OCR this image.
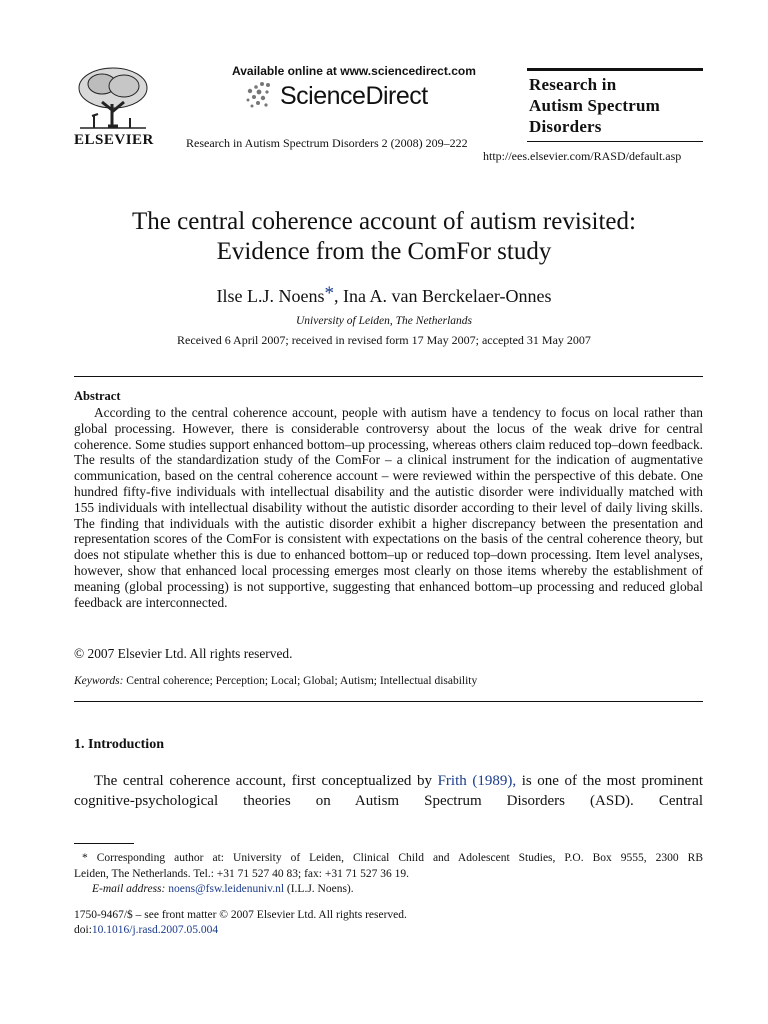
ELSEVIER
Available online at www.sciencedirect.com
ScienceDirect
Research in Autism Spectrum Disorders 2 (2008) 209–222
Research in
Autism Spectrum
Disorders
http://ees.elsevier.com/RASD/default.asp
The central coherence account of autism revisited:
Evidence from the ComFor study
Ilse L.J. Noens*, Ina A. van Berckelaer-Onnes
University of Leiden, The Netherlands
Received 6 April 2007; received in revised form 17 May 2007; accepted 31 May 2007
Abstract

According to the central coherence account, people with autism have a tendency to focus on local rather than global processing. However, there is considerable controversy about the locus of the weak drive for central coherence. Some studies support enhanced bottom–up processing, whereas others claim reduced top–down feedback. The results of the standardization study of the ComFor – a clinical instrument for the indication of augmentative communication, based on the central coherence account – were reviewed within the perspective of this debate. One hundred fifty-five individuals with intellectual disability and the autistic disorder were individually matched with 155 individuals with intellectual disability without the autistic disorder according to their level of daily living skills. The finding that individuals with the autistic disorder exhibit a higher discrepancy between the presentation and representation scores of the ComFor is consistent with expectations on the basis of the central coherence theory, but does not stipulate whether this is due to enhanced bottom–up or reduced top–down processing. Item level analyses, however, show that enhanced local processing emerges most clearly on those items whereby the establishment of meaning (global processing) is not supportive, suggesting that enhanced bottom–up processing and reduced global feedback are interconnected.

© 2007 Elsevier Ltd. All rights reserved.
Keywords: Central coherence; Perception; Local; Global; Autism; Intellectual disability
1. Introduction

The central coherence account, first conceptualized by Frith (1989), is one of the most prominent cognitive-psychological theories on Autism Spectrum Disorders (ASD). Central

* Corresponding author at: University of Leiden, Clinical Child and Adolescent Studies, P.O. Box 9555, 2300 RB
Leiden, The Netherlands. Tel.: +31 71 527 40 83; fax: +31 71 527 36 19.
E-mail address: noens@fsw.leidenuniv.nl (I.L.J. Noens).
1750-9467/$ – see front matter © 2007 Elsevier Ltd. All rights reserved.
doi:10.1016/j.rasd.2007.05.004
